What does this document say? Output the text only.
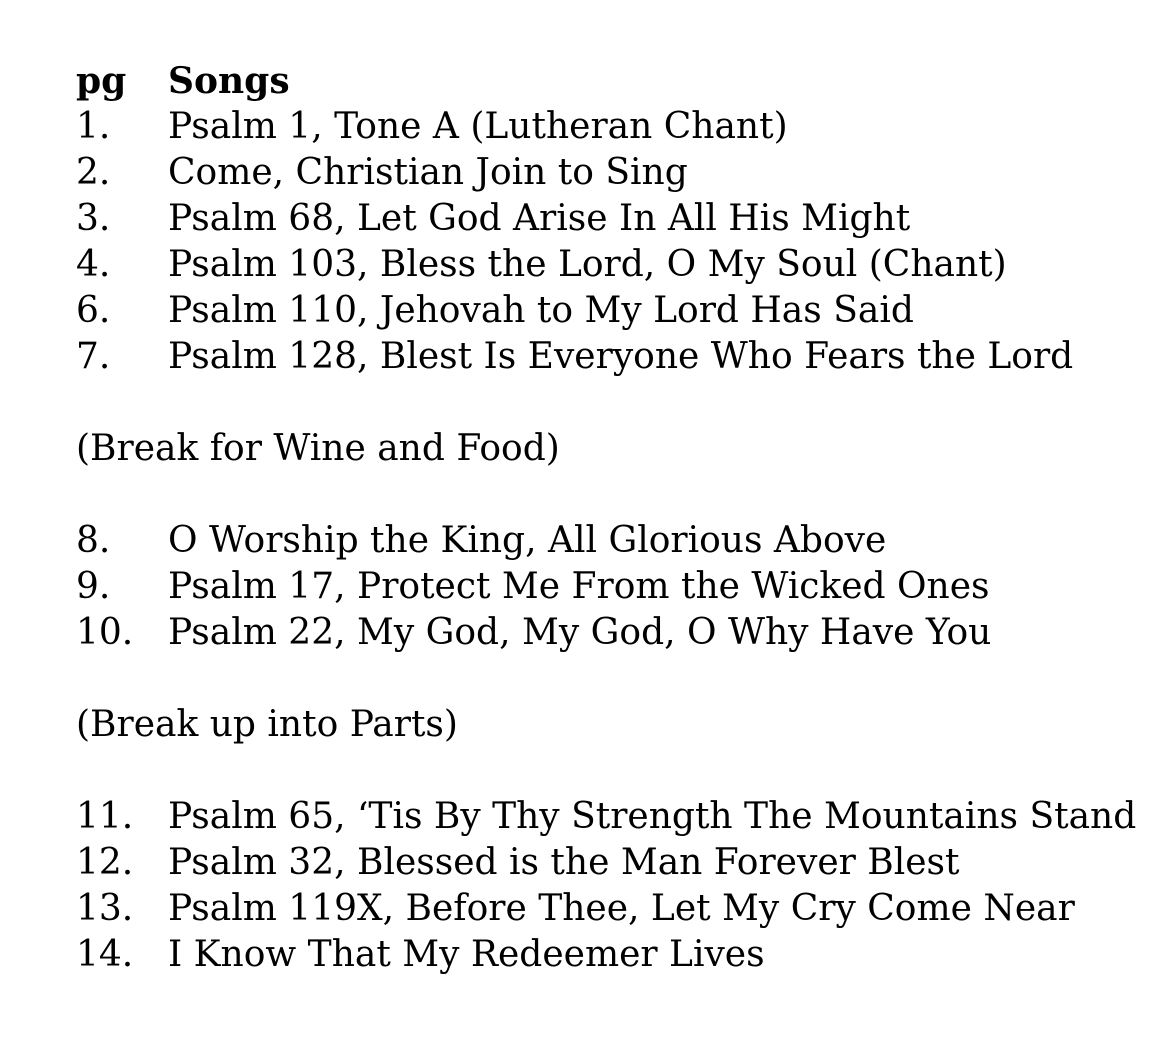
pg	Songs
1.	Psalm 1, Tone A (Lutheran Chant)
2.	Come, Christian Join to Sing
3.	Psalm 68, Let God Arise In All His Might
4.	Psalm 103, Bless the Lord, O My Soul (Chant)
6.	Psalm 110, Jehovah to My Lord Has Said
7.	Psalm 128, Blest Is Everyone Who Fears the Lord
(Break for Wine and Food)
8.	O Worship the King, All Glorious Above
9.	Psalm 17, Protect Me From the Wicked Ones
10. Psalm 22, My God, My God, O Why Have You
(Break up into Parts)
11. Psalm 65, ‘Tis By Thy Strength The Mountains Stand
12. Psalm 32, Blessed is the Man Forever Blest
13. Psalm 119X, Before Thee, Let My Cry Come Near
14. I Know That My Redeemer Lives
